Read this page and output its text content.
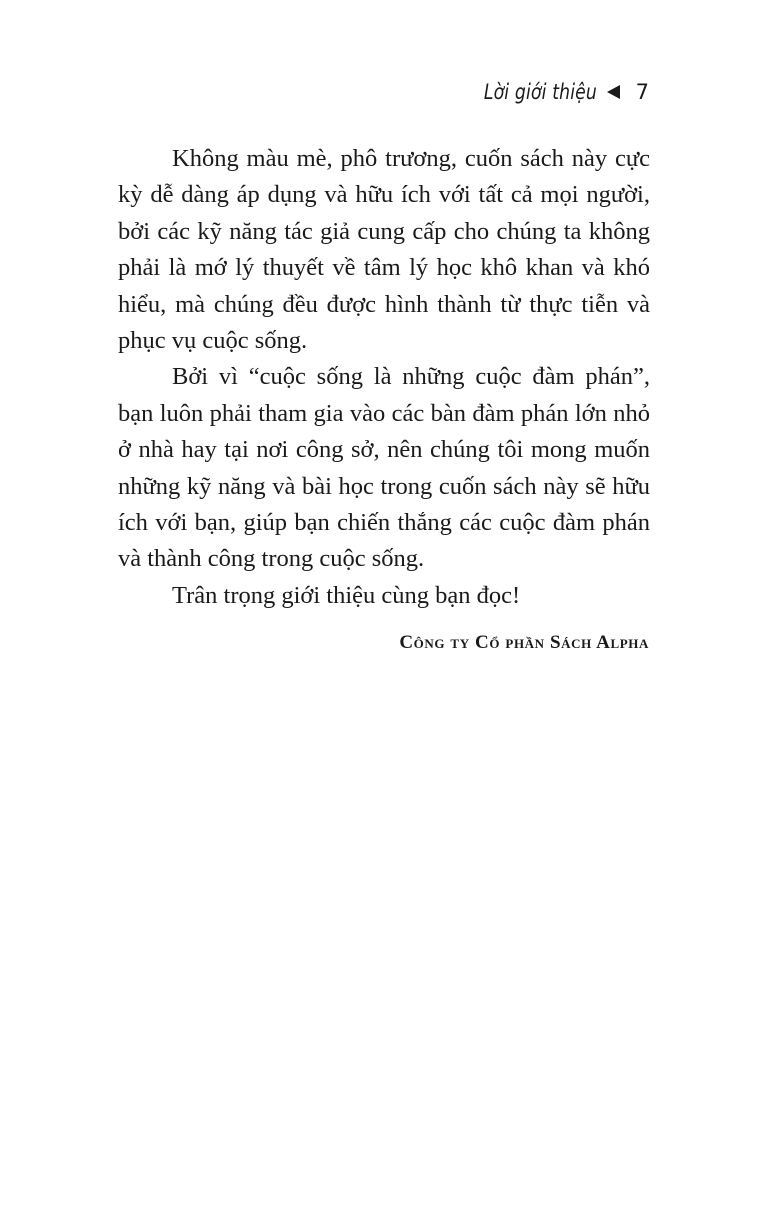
Lời giới thiệu 7

Không màu mè, phô trương, cuốn sách này cực kỳ dễ dàng áp dụng và hữu ích với tất cả mọi người, bởi các kỹ năng tác giả cung cấp cho chúng ta không phải là mớ lý thuyết về tâm lý học khô khan và khó hiểu, mà chúng đều được hình thành từ thực tiễn và phục vụ cuộc sống.

Bởi vì “cuộc sống là những cuộc đàm phán”, bạn luôn phải tham gia vào các bàn đàm phán lớn nhỏ ở nhà hay tại nơi công sở, nên chúng tôi mong muốn những kỹ năng và bài học trong cuốn sách này sẽ hữu ích với bạn, giúp bạn chiến thắng các cuộc đàm phán và thành công trong cuộc sống.

Trân trọng giới thiệu cùng bạn đọc!

Công ty Cổ phần Sách Alpha
